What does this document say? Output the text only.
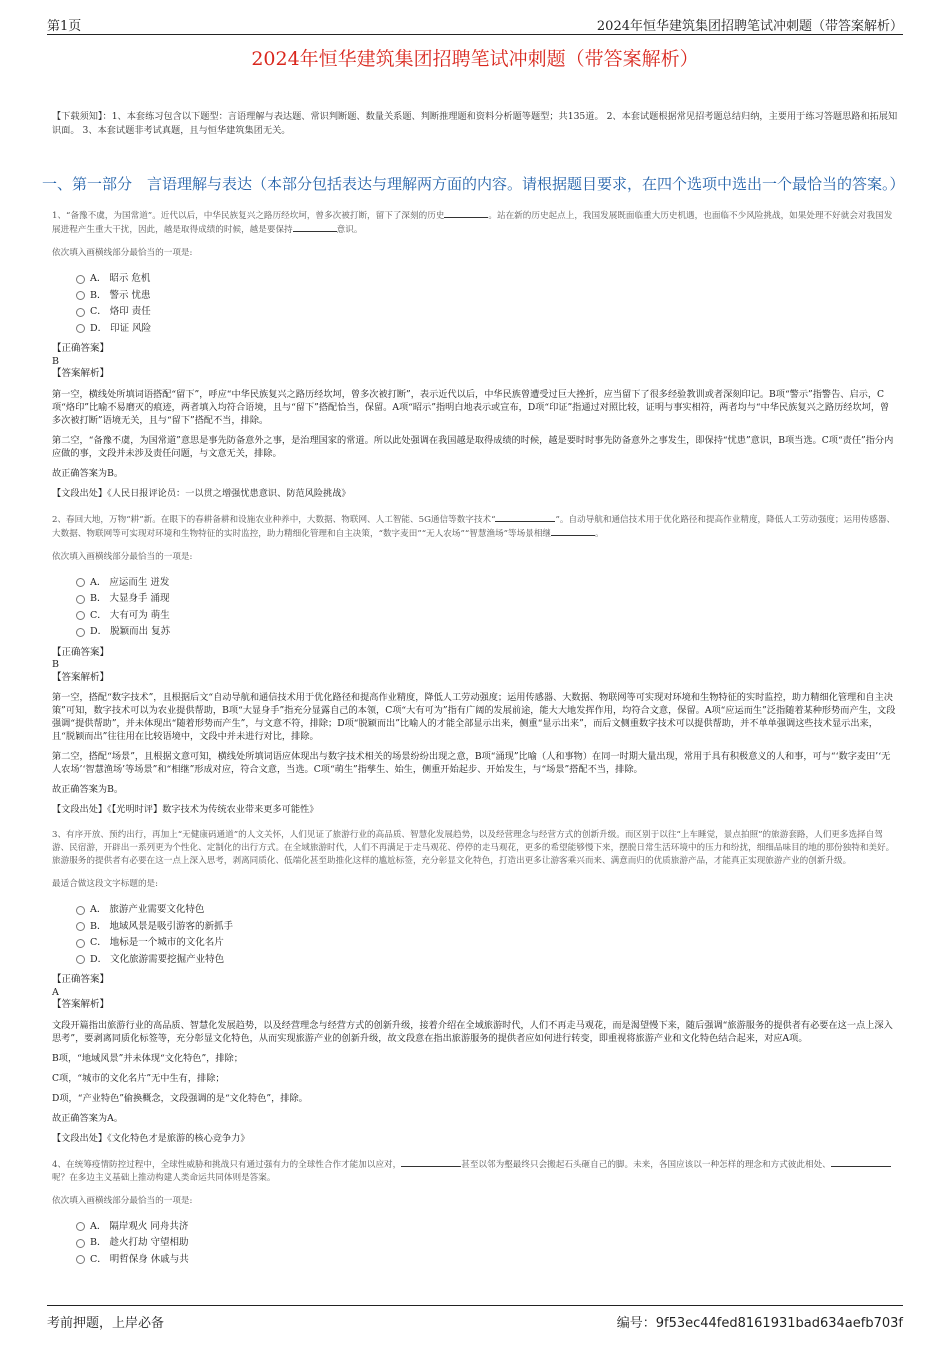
第1页	2024年恒华建筑集团招聘笔试冲刺题（带答案解析）
2024年恒华建筑集团招聘笔试冲刺题（带答案解析）

【下载须知】：1、本套练习包含以下题型：言语理解与表达题、常识判断题、数量关系题、判断推理题和资料分析题等题型；共135道。 2、本套试题根据常见招考题总结归纳，主要用于练习答题思路和拓展知识面。 3、本套试题非考试真题，且与恒华建筑集团无关。

一、第一部分　言语理解与表达（本部分包括表达与理解两方面的内容。请根据题目要求，在四个选项中选出一个最恰当的答案。）

1、“备豫不虞，为国常道”。近代以后，中华民族复兴之路历经坎坷，曾多次被打断，留下了深刻的历史	。站在新的历史起点上，我国发展既面临重大历史机遇，也面临不少风险挑战，如果处理不好就会对我国发展进程产生重大干扰，因此，越是取得成绩的时候，越是要保持	意识。

依次填入画横线部分最恰当的一项是:

A． 昭示 危机
B． 警示 忧患
C． 烙印 责任
D． 印证 风险

【正确答案】

B

【答案解析】

第一空，横线处所填词语搭配“留下”，呼应“中华民族复兴之路历经坎坷，曾多次被打断”，表示近代以后，中华民族曾遭受过巨大挫折，应当留下了很多经验教训或者深刻印记。B项“警示”指警告、启示，C项“烙印”比喻不易磨灭的痕迹，两者填入均符合语境，且与“留下”搭配恰当，保留。A项“昭示”指明白地表示或宣布，D项“印证”指通过对照比较，证明与事实相符，两者均与“中华民族复兴之路历经坎坷，曾多次被打断”语境无关，且与“留下”搭配不当，排除。

第二空，“备豫不虞，为国常道”意思是事先防备意外之事，是治理国家的常道。所以此处强调在我国越是取得成绩的时候，越是要时时事先防备意外之事发生，即保持“忧患”意识，B项当选。C项“责任”指分内应做的事，文段并未涉及责任问题，与文意无关，排除。

故正确答案为B。

【文段出处】《人民日报评论员：一以贯之增强忧患意识、防范风险挑战》

2、春回大地，万物“耕”新。在眼下的春耕备耕和设施农业种养中，大数据、物联网、人工智能、5G通信等数字技术“	”。自动导航和通信技术用于优化路径和提高作业精度，降低人工劳动强度；运用传感器、大数据、物联网等可实现对环境和生物特征的实时监控，助力精细化管理和自主决策，“数字麦田”“无人农场”“智慧渔场”等场景相继	。

依次填入画横线部分最恰当的一项是:

A． 应运而生 迸发
B． 大显身手 涌现
C． 大有可为 萌生
D． 脱颖而出 复苏

【正确答案】

B

【答案解析】

第一空，搭配“数字技术”，且根据后文“自动导航和通信技术用于优化路径和提高作业精度，降低人工劳动强度；运用传感器、大数据、物联网等可实现对环境和生物特征的实时监控，助力精细化管理和自主决策”可知，数字技术可以为农业提供帮助，B项“大显身手”指充分显露自己的本领，C项“大有可为”指有广阔的发展前途，能大大地发挥作用，均符合文意，保留。A项“应运而生”泛指随着某种形势而产生，文段强调“提供帮助”，并未体现出“随着形势而产生”，与文意不符，排除；D项“脱颖而出”比喻人的才能全部显示出来，侧重“显示出来”，而后文侧重数字技术可以提供帮助，并不单单强调这些技术显示出来，且“脱颖而出”往往用在比较语境中，文段中并未进行对比，排除。

第二空，搭配“场景”，且根据文意可知，横线处所填词语应体现出与数字技术相关的场景纷纷出现之意，B项“涌现”比喻（人和事物）在同一时期大量出现，常用于具有积极意义的人和事，可与“‘数字麦田’‘无人农场’‘智慧渔场’等场景”和“相继”形成对应，符合文意，当选。C项“萌生”指孳生、始生，侧重开始起步、开始发生，与“场景”搭配不当，排除。

故正确答案为B。

【文段出处】《【光明时评】数字技术为传统农业带来更多可能性》

3、有序开放、预约出行，再加上“无健康码通道”的人文关怀，人们见证了旅游行业的高品质、智慧化发展趋势，以及经营理念与经营方式的创新升级。而区别于以往“上车睡觉，景点拍照”的旅游套路，人们更多选择自驾游、民宿游，开辟出一系列更为个性化、定制化的出行方式。在全域旅游时代，人们不再满足于走马观花、停停的走马观花，更多的希望能够慢下来，摆脱日常生活环境中的压力和纷扰，细细品味目的地的那份独特和美好。旅游服务的提供者有必要在这一点上深入思考，剥离同质化、低端化甚至助推化这样的尴尬标签，充分彰显文化特色，打造出更多让游客乘兴而来、满意而归的优质旅游产品，才能真正实现旅游产业的创新升级。

最适合做这段文字标题的是:

A． 旅游产业需要文化特色
B． 地域风景是吸引游客的新抓手
C． 地标是一个城市的文化名片
D． 文化旅游需要挖掘产业特色

【正确答案】

A

【答案解析】

文段开篇指出旅游行业的高品质、智慧化发展趋势，以及经营理念与经营方式的创新升级，接着介绍在全域旅游时代，人们不再走马观花，而是渴望慢下来，随后强调“旅游服务的提供者有必要在这一点上深入思考”，要剥离同质化标签等，充分彰显文化特色，从而实现旅游产业的创新升级，故文段意在指出旅游服务的提供者应如何进行转变，即重视将旅游产业和文化特色结合起来，对应A项。

B项，“地域风景”并未体现“文化特色”，排除；

C项，“城市的文化名片”无中生有，排除；

D项，“产业特色”偷换概念，文段强调的是“文化特色”，排除。

故正确答案为A。

【文段出处】《文化特色才是旅游的核心竞争力》

4、在统筹疫情防控过程中，全球性威胁和挑战只有通过强有力的全球性合作才能加以应对，	甚至以邻为壑最终只会搬起石头砸自己的脚。未来，各国应该以一种怎样的理念和方式彼此相处、呢？在多边主义基础上推动构建人类命运共同体则是答案。

依次填入画横线部分最恰当的一项是:

A． 隔岸观火 同舟共济
B． 趁火打劫 守望相助
C． 明哲保身 休戚与共
考前押题，上岸必备	编号：9f53ec44fed8161931bad634aefb703f
